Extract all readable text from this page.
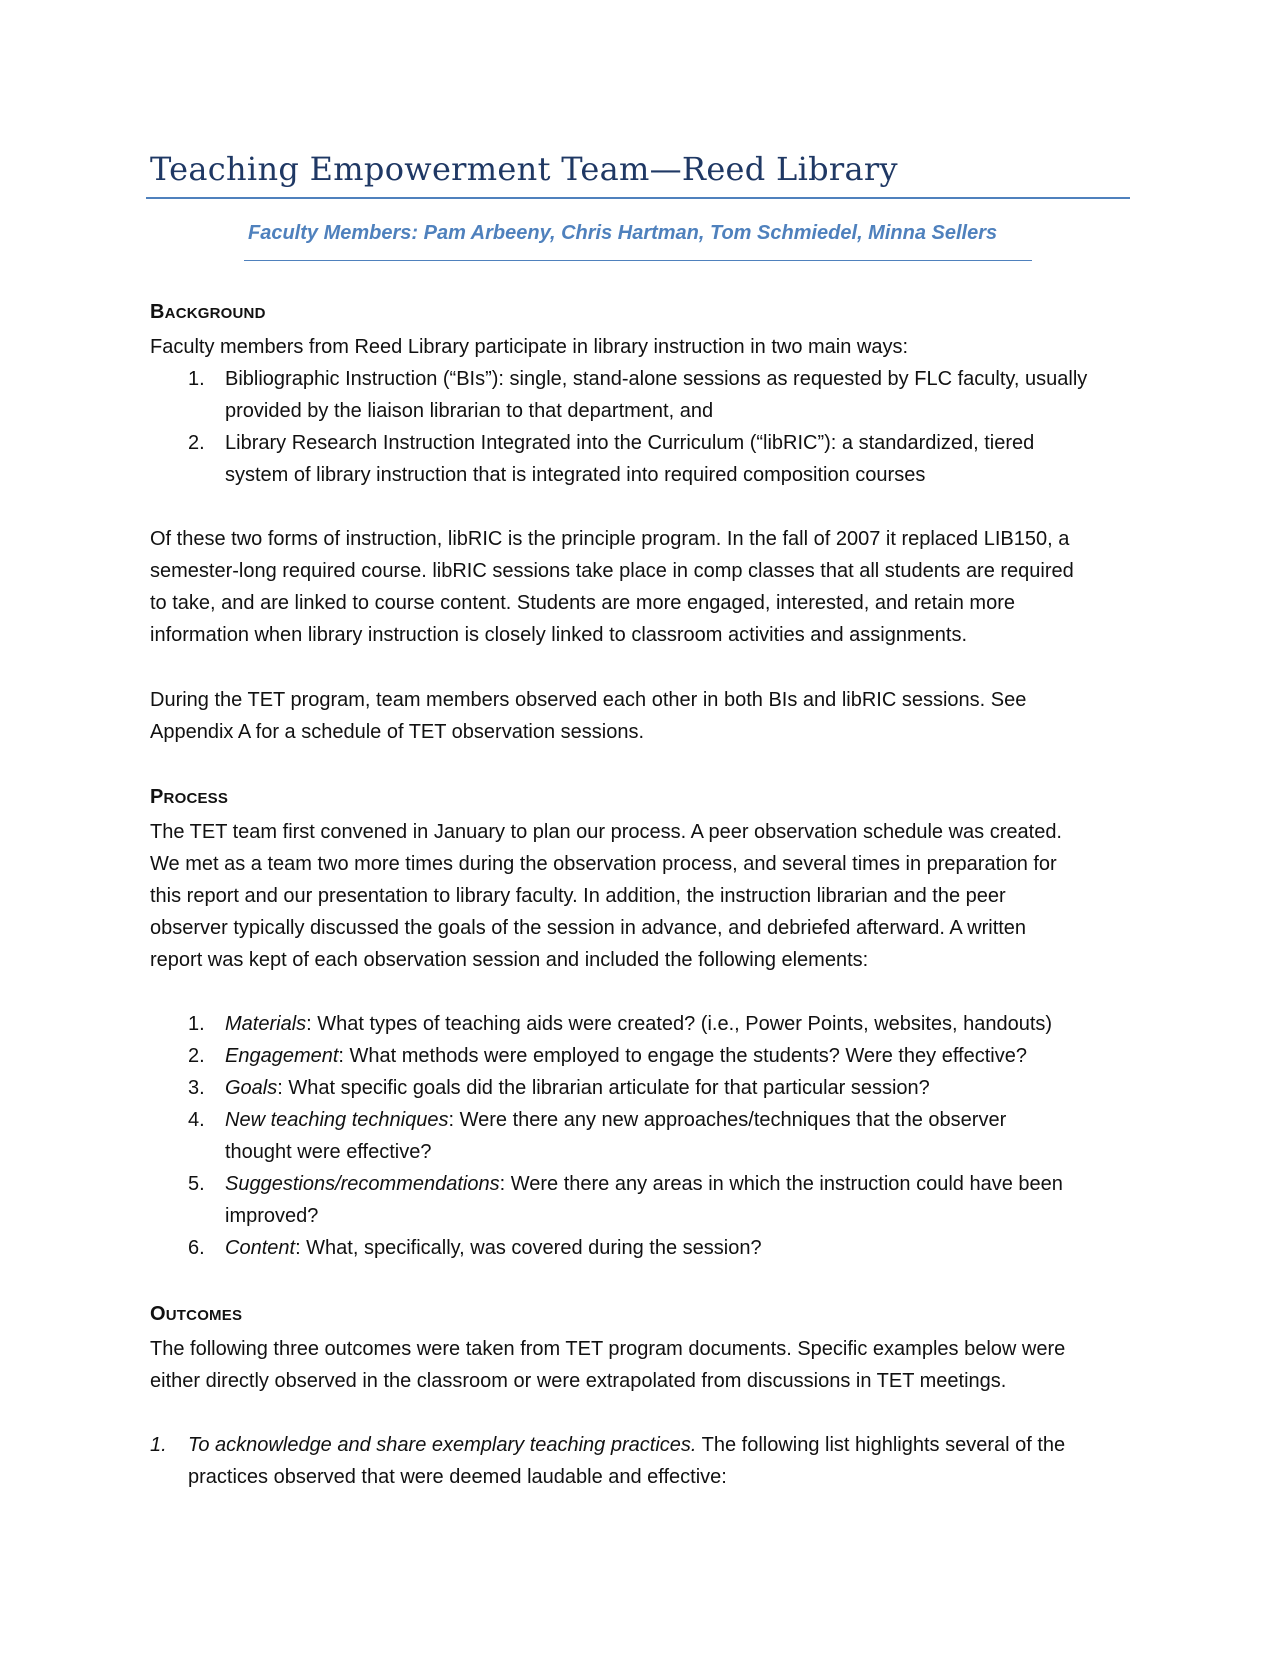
Teaching Empowerment Team—Reed Library
Faculty Members: Pam Arbeeny, Chris Hartman, Tom Schmiedel, Minna Sellers
BACKGROUND
Faculty members from Reed Library participate in library instruction in two main ways:
1. Bibliographic Instruction (“BIs”): single, stand-alone sessions as requested by FLC faculty, usually
provided by the liaison librarian to that department, and
2. Library Research Instruction Integrated into the Curriculum (“libRIC”): a standardized, tiered
system of library instruction that is integrated into required composition courses
Of these two forms of instruction, libRIC is the principle program. In the fall of 2007 it replaced LIB150, a
semester-long required course. libRIC sessions take place in comp classes that all students are required
to take, and are linked to course content. Students are more engaged, interested, and retain more
information when library instruction is closely linked to classroom activities and assignments.
During the TET program, team members observed each other in both BIs and libRIC sessions. See
Appendix A for a schedule of TET observation sessions.
PROCESS
The TET team first convened in January to plan our process. A peer observation schedule was created.
We met as a team two more times during the observation process, and several times in preparation for
this report and our presentation to library faculty. In addition, the instruction librarian and the peer
observer typically discussed the goals of the session in advance, and debriefed afterward. A written
report was kept of each observation session and included the following elements:
1. Materials: What types of teaching aids were created? (i.e., Power Points, websites, handouts)
2. Engagement: What methods were employed to engage the students? Were they effective?
3. Goals: What specific goals did the librarian articulate for that particular session?
4. New teaching techniques: Were there any new approaches/techniques that the observer
thought were effective?
5. Suggestions/recommendations: Were there any areas in which the instruction could have been
improved?
6. Content: What, specifically, was covered during the session?
OUTCOMES
The following three outcomes were taken from TET program documents. Specific examples below were
either directly observed in the classroom or were extrapolated from discussions in TET meetings.
1. To acknowledge and share exemplary teaching practices. The following list highlights several of the
practices observed that were deemed laudable and effective:
